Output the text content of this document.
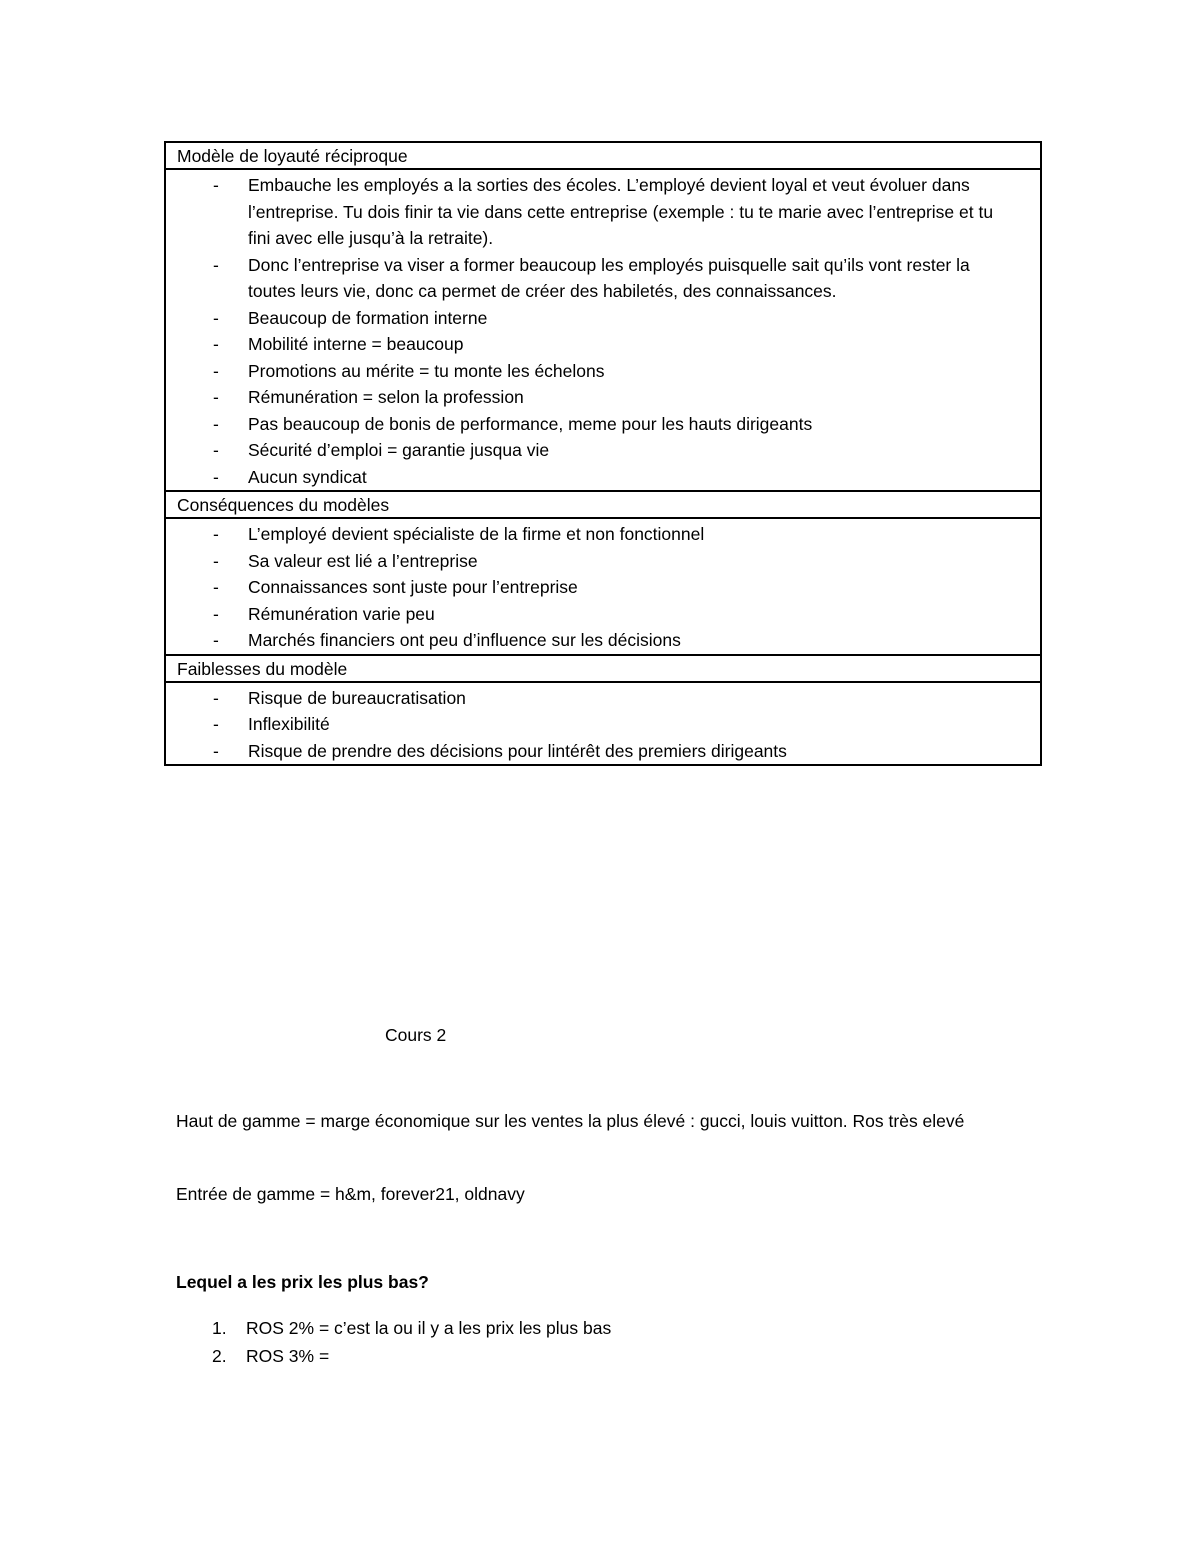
Modèle de loyauté réciproque
- Embauche les employés a la sorties des écoles. L’employé devient loyal et veut évoluer dans l’entreprise. Tu dois finir ta vie dans cette entreprise (exemple : tu te marie avec l’entreprise et tu fini avec elle jusqu’à la retraite).
- Donc l’entreprise va viser a former beaucoup les employés puisquelle sait qu’ils vont rester la toutes leurs vie, donc ca permet de créer des habiletés, des connaissances.
- Beaucoup de formation interne
- Mobilité interne = beaucoup
- Promotions au mérite = tu monte les échelons
- Rémunération = selon la profession
- Pas beaucoup de bonis de performance, meme pour les hauts dirigeants
- Sécurité d’emploi = garantie jusqua vie
- Aucun syndicat
Conséquences du modèles
- L’employé devient spécialiste de la firme et non fonctionnel
- Sa valeur est lié a l’entreprise
- Connaissances sont juste pour l’entreprise
- Rémunération varie peu
- Marchés financiers ont peu d’influence sur les décisions
Faiblesses du modèle
- Risque de bureaucratisation
- Inflexibilité
- Risque de prendre des décisions pour lintérêt des premiers dirigeants
Cours 2
Haut de gamme = marge économique sur les ventes la plus élevé : gucci, louis vuitton. Ros très elevé
Entrée de gamme = h&m, forever21, oldnavy
Lequel a les prix les plus bas?
1. ROS 2% = c’est la ou il y a les prix les plus bas
2. ROS 3% =
